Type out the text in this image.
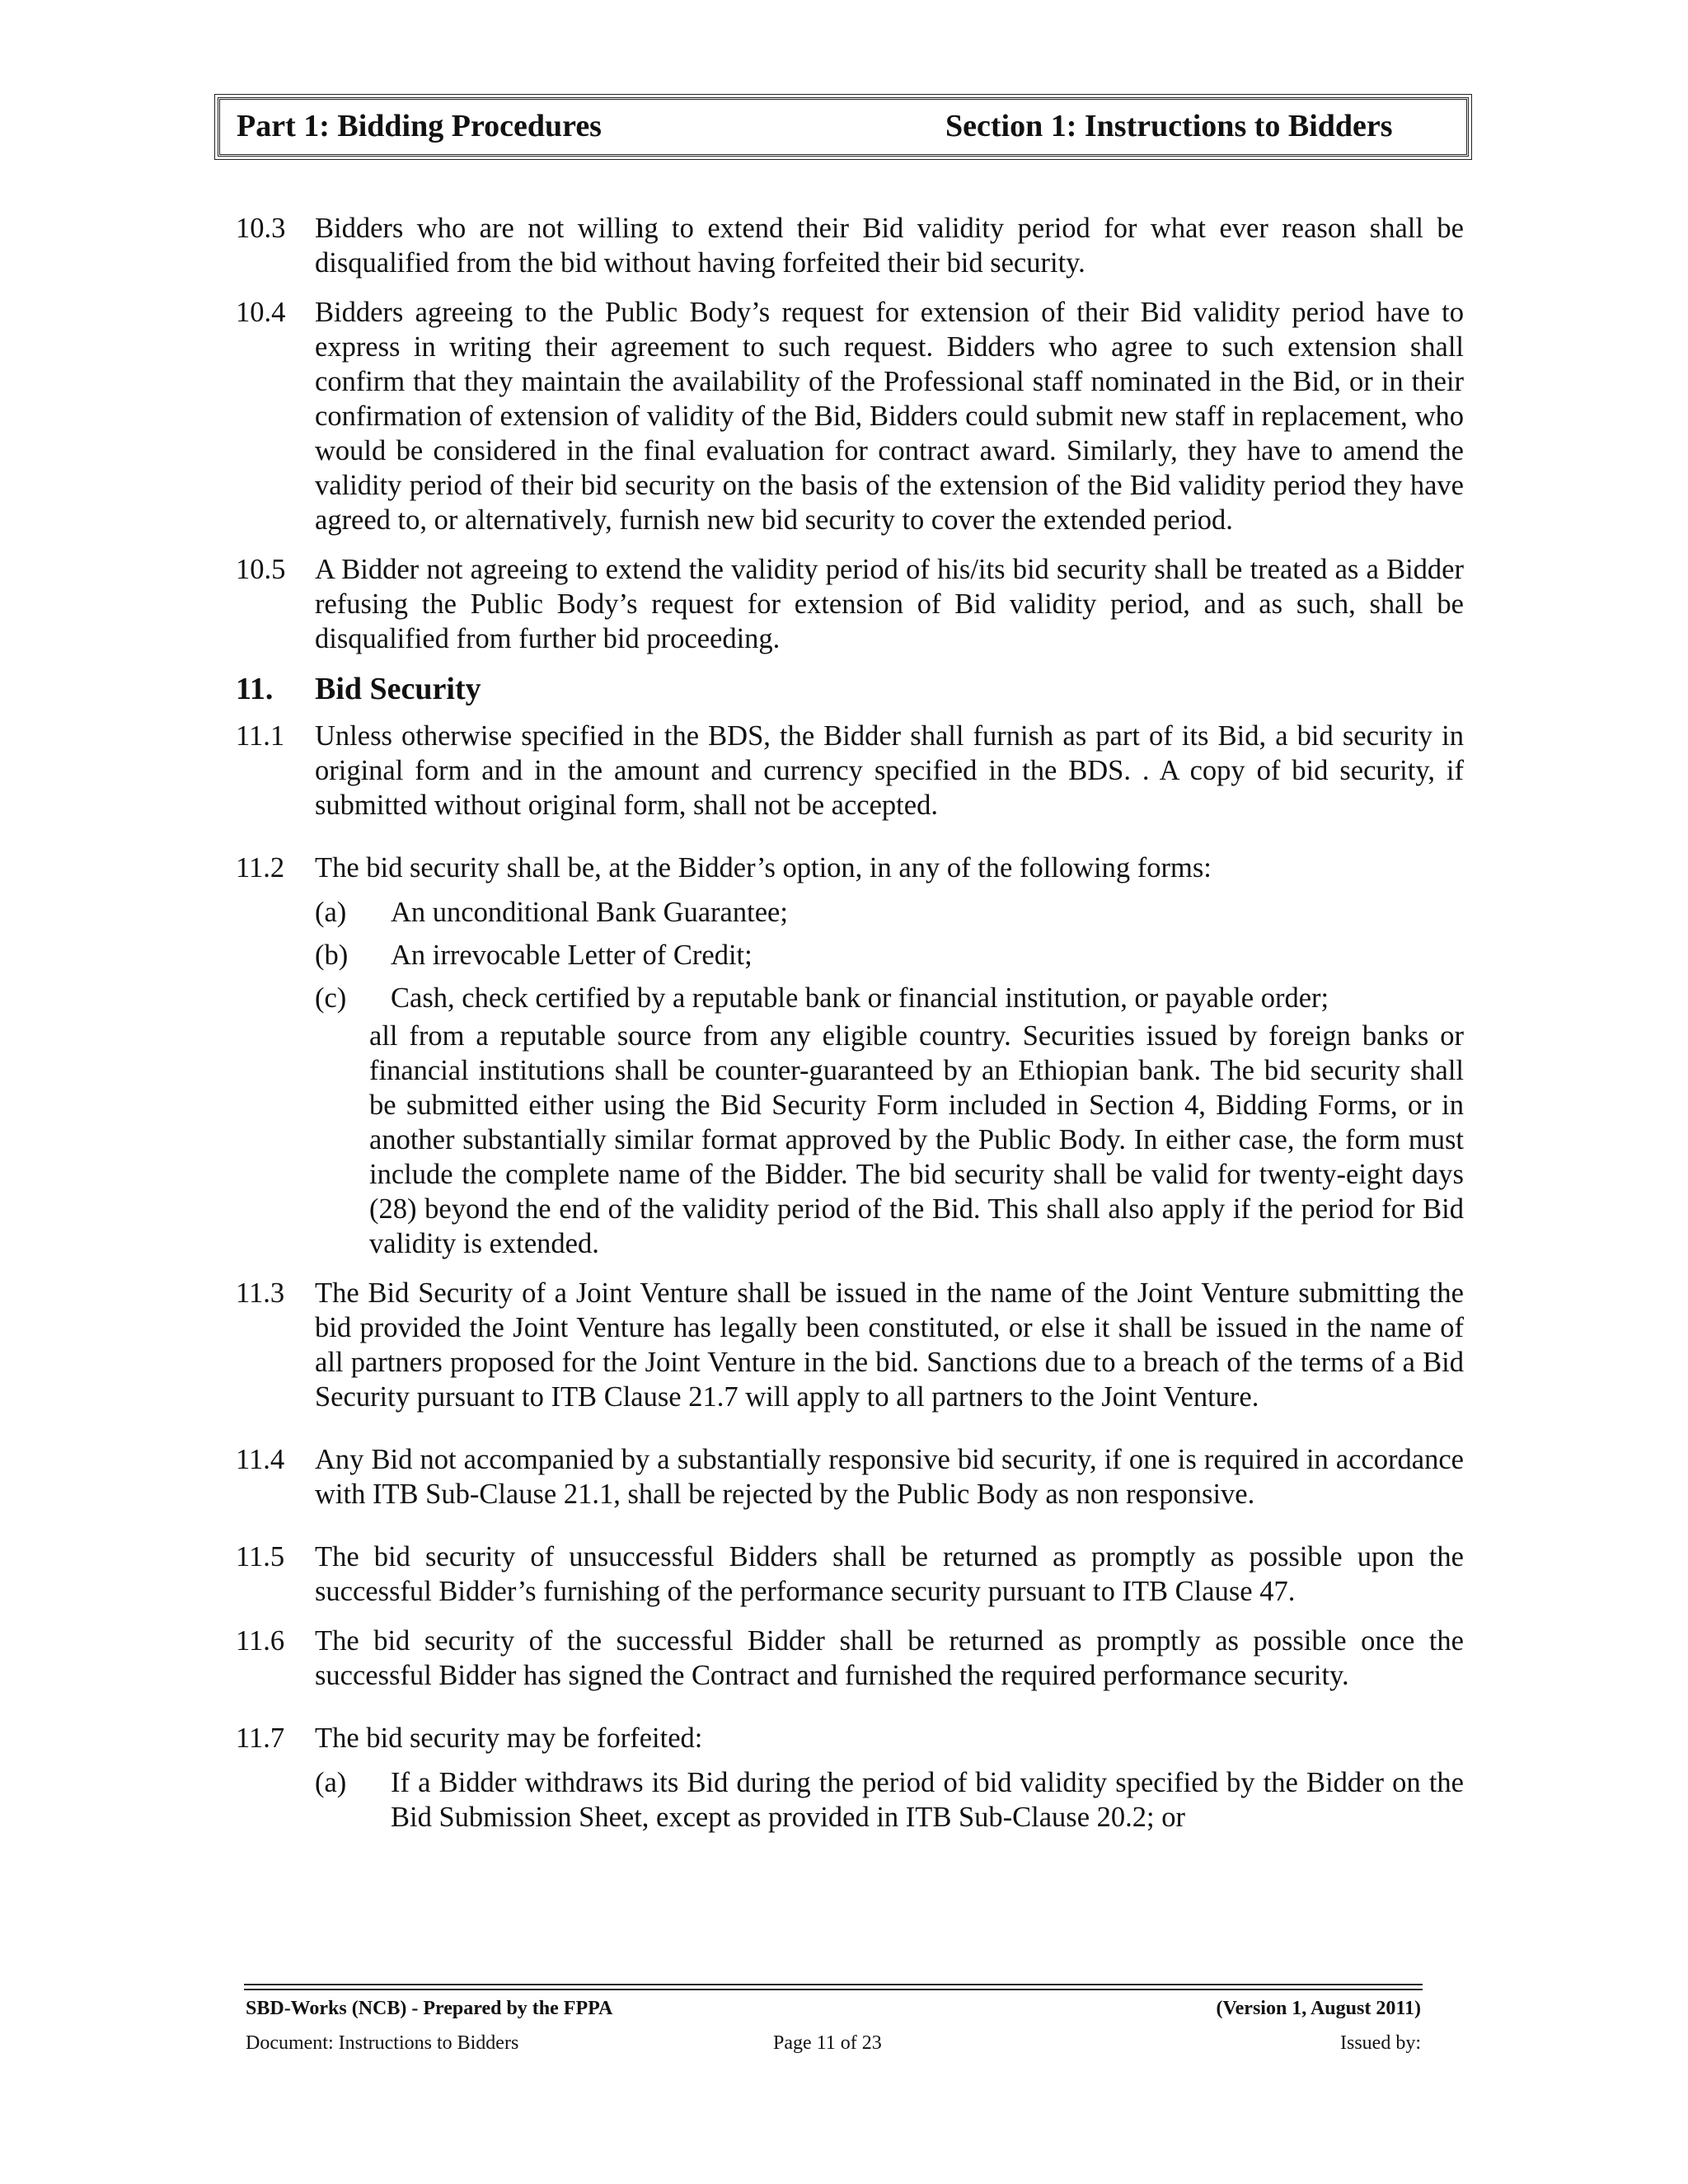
Part 1: Bidding Procedures	Section 1: Instructions to Bidders
10.3	Bidders who are not willing to extend their Bid validity period for what ever reason shall be disqualified from the bid without having forfeited their bid security.
10.4	Bidders agreeing to the Public Body’s request for extension of their Bid validity period have to express in writing their agreement to such request. Bidders who agree to such extension shall confirm that they maintain the availability of the Professional staff nominated in the Bid, or in their confirmation of extension of validity of the Bid, Bidders could submit new staff in replacement, who would be considered in the final evaluation for contract award. Similarly, they have to amend the validity period of their bid security on the basis of the extension of the Bid validity period they have agreed to, or alternatively, furnish new bid security to cover the extended period.
10.5	A Bidder not agreeing to extend the validity period of his/its bid security shall be treated as a Bidder refusing the Public Body’s request for extension of Bid validity period, and as such, shall be disqualified from further bid proceeding.
11.	Bid Security
11.1	Unless otherwise specified in the BDS, the Bidder shall furnish as part of its Bid, a bid security in original form and in the amount and currency specified in the BDS. . A copy of bid security, if submitted without original form, shall not be accepted.
11.2	The bid security shall be, at the Bidder’s option, in any of the following forms:
(a)	An unconditional Bank Guarantee;
(b)	An irrevocable Letter of Credit;
(c)	Cash, check certified by a reputable bank or financial institution, or payable order;
all from a reputable source from any eligible country. Securities issued by foreign banks or financial institutions shall be counter-guaranteed by an Ethiopian bank. The bid security shall be submitted either using the Bid Security Form included in Section 4, Bidding Forms, or in another substantially similar format approved by the Public Body. In either case, the form must include the complete name of the Bidder. The bid security shall be valid for twenty-eight days (28) beyond the end of the validity period of the Bid. This shall also apply if the period for Bid validity is extended.
11.3	The Bid Security of a Joint Venture shall be issued in the name of the Joint Venture submitting the bid provided the Joint Venture has legally been constituted, or else it shall be issued in the name of all partners proposed for the Joint Venture in the bid. Sanctions due to a breach of the terms of a Bid Security pursuant to ITB Clause 21.7 will apply to all partners to the Joint Venture.
11.4	Any Bid not accompanied by a substantially responsive bid security, if one is required in accordance with ITB Sub-Clause 21.1, shall be rejected by the Public Body as non responsive.
11.5	The bid security of unsuccessful Bidders shall be returned as promptly as possible upon the successful Bidder’s furnishing of the performance security pursuant to ITB Clause 47.
11.6	The bid security of the successful Bidder shall be returned as promptly as possible once the successful Bidder has signed the Contract and furnished the required performance security.
11.7	The bid security may be forfeited:
(a)	If a Bidder withdraws its Bid during the period of bid validity specified by the Bidder on the Bid Submission Sheet, except as provided in ITB Sub-Clause 20.2; or
SBD-Works (NCB) - Prepared by the FPPA	(Version 1, August 2011)
Document: Instructions to Bidders	Page 11 of 23	Issued by:
